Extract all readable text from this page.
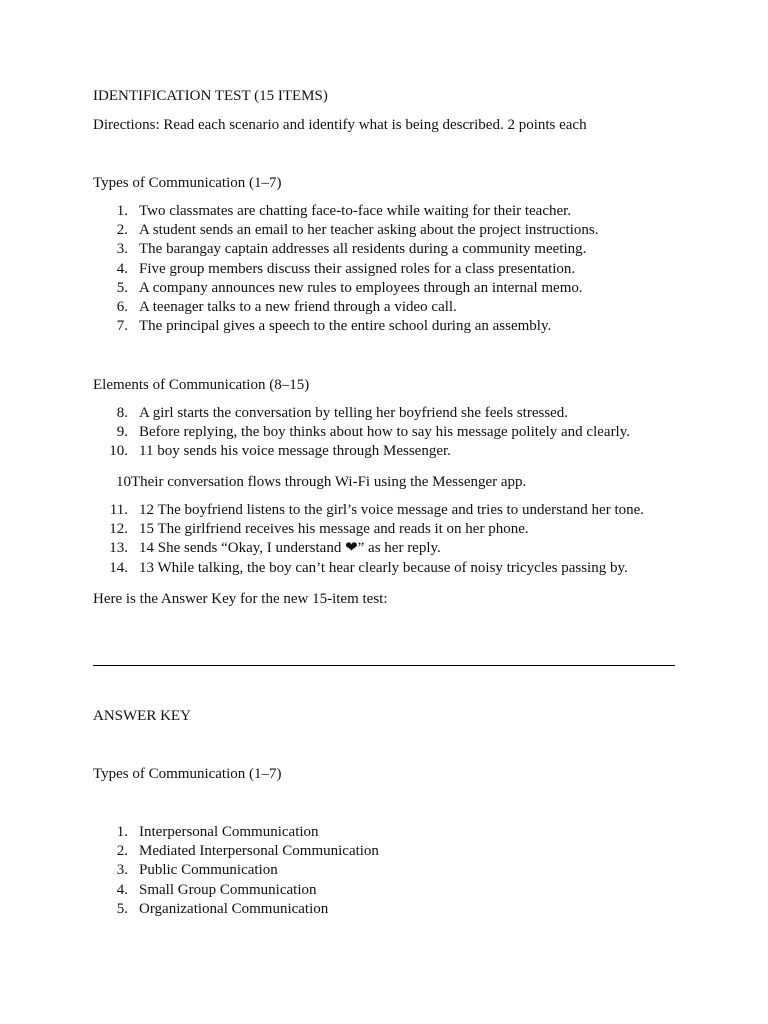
IDENTIFICATION TEST (15 ITEMS)
Directions: Read each scenario and identify what is being described. 2 points each
Types of Communication (1–7)
1. Two classmates are chatting face-to-face while waiting for their teacher.
2. A student sends an email to her teacher asking about the project instructions.
3. The barangay captain addresses all residents during a community meeting.
4. Five group members discuss their assigned roles for a class presentation.
5. A company announces new rules to employees through an internal memo.
6. A teenager talks to a new friend through a video call.
7. The principal gives a speech to the entire school during an assembly.
Elements of Communication (8–15)
8. A girl starts the conversation by telling her boyfriend she feels stressed.
9. Before replying, the boy thinks about how to say his message politely and clearly.
10. 11 boy sends his voice message through Messenger.
10Their conversation flows through Wi-Fi using the Messenger app.
11. 12 The boyfriend listens to the girl’s voice message and tries to understand her tone.
12. 15 The girlfriend receives his message and reads it on her phone.
13. 14 She sends “Okay, I understand ❤” as her reply.
14. 13 While talking, the boy can’t hear clearly because of noisy tricycles passing by.
Here is the Answer Key for the new 15-item test:
ANSWER KEY
Types of Communication (1–7)
1. Interpersonal Communication
2. Mediated Interpersonal Communication
3. Public Communication
4. Small Group Communication
5. Organizational Communication
